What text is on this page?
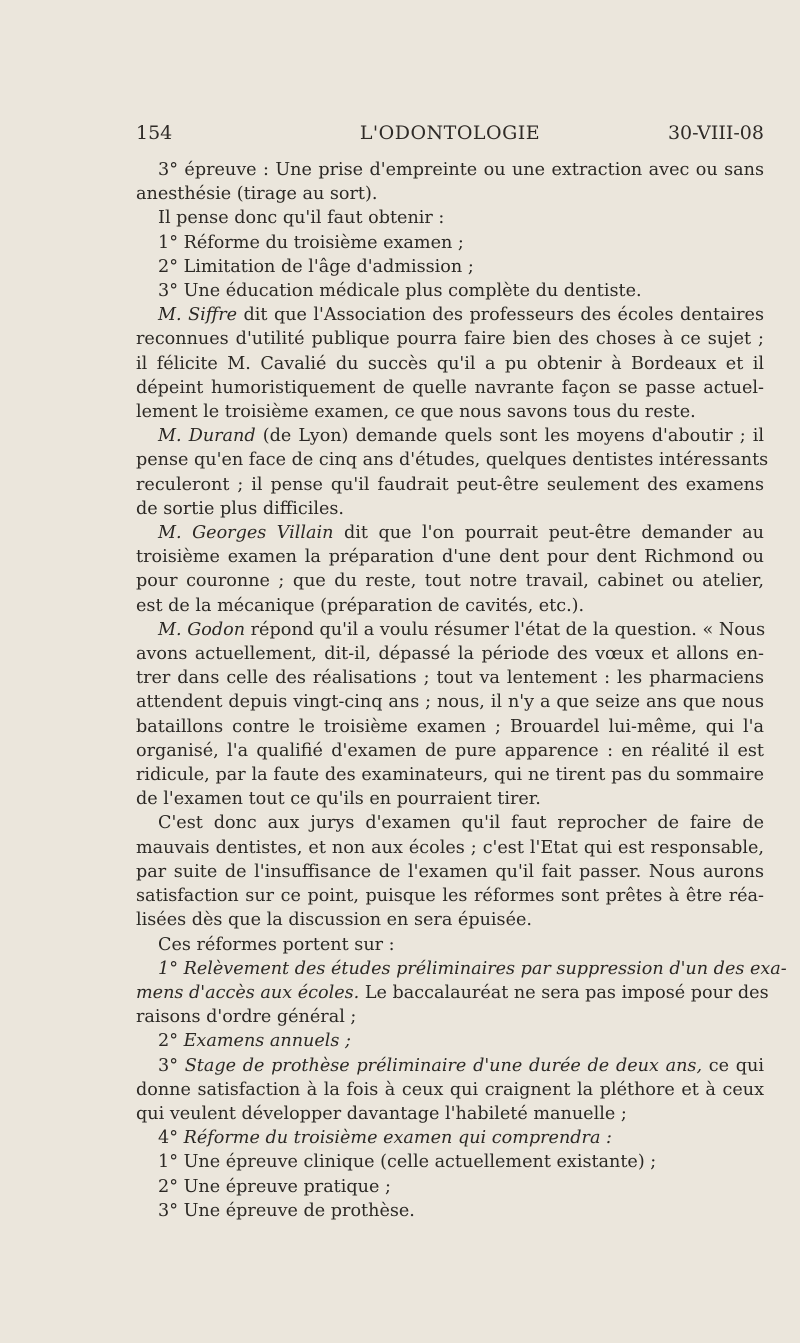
154	L'ODONTOLOGIE	30-VIII-08
3° épreuve : Une prise d'empreinte ou une extraction avec ou sans
anesthésie (tirage au sort).
Il pense donc qu'il faut obtenir :
1° Réforme du troisième examen ;
2° Limitation de l'âge d'admission ;
3° Une éducation médicale plus complète du dentiste.
M. Siffre dit que l'Association des professeurs des écoles dentaires
reconnues d'utilité publique pourra faire bien des choses à ce sujet ;
il félicite M. Cavalié du succès qu'il a pu obtenir à Bordeaux et il
dépeint humoristiquement de quelle navrante façon se passe actuel-
lement le troisième examen, ce que nous savons tous du reste.
M. Durand (de Lyon) demande quels sont les moyens d'aboutir ; il
pense qu'en face de cinq ans d'études, quelques dentistes intéressants
reculeront ; il pense qu'il faudrait peut-être seulement des examens
de sortie plus difficiles.
M. Georges Villain dit que l'on pourrait peut-être demander au
troisième examen la préparation d'une dent pour dent Richmond ou
pour couronne ; que du reste, tout notre travail, cabinet ou atelier,
est de la mécanique (préparation de cavités, etc.).
M. Godon répond qu'il a voulu résumer l'état de la question. « Nous
avons actuellement, dit-il, dépassé la période des vœux et allons en-
trer dans celle des réalisations ; tout va lentement : les pharmaciens
attendent depuis vingt-cinq ans ; nous, il n'y a que seize ans que nous
bataillons contre le troisième examen ; Brouardel lui-même, qui l'a
organisé, l'a qualifié d'examen de pure apparence : en réalité il est
ridicule, par la faute des examinateurs, qui ne tirent pas du sommaire
de l'examen tout ce qu'ils en pourraient tirer.
C'est donc aux jurys d'examen qu'il faut reprocher de faire de
mauvais dentistes, et non aux écoles ; c'est l'Etat qui est responsable,
par suite de l'insuffisance de l'examen qu'il fait passer. Nous aurons
satisfaction sur ce point, puisque les réformes sont prêtes à être réa-
lisées dès que la discussion en sera épuisée.
Ces réformes portent sur :
1° Relèvement des études préliminaires par suppression d'un des exa-
mens d'accès aux écoles. Le baccalauréat ne sera pas imposé pour des
raisons d'ordre général ;
2° Examens annuels ;
3° Stage de prothèse préliminaire d'une durée de deux ans, ce qui
donne satisfaction à la fois à ceux qui craignent la pléthore et à ceux
qui veulent développer davantage l'habileté manuelle ;
4° Réforme du troisième examen qui comprendra :
1° Une épreuve clinique (celle actuellement existante) ;
2° Une épreuve pratique ;
3° Une épreuve de prothèse.
